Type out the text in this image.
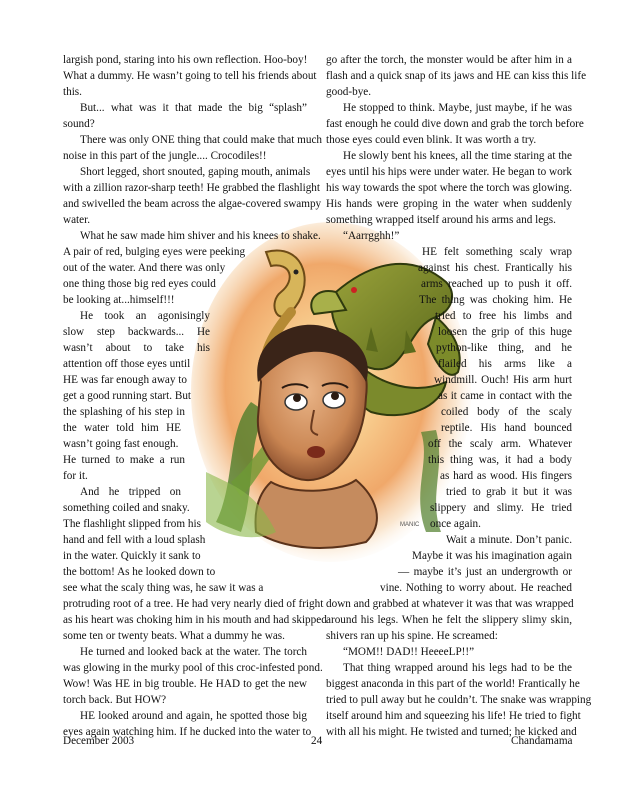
MANIC
largish pond, staring into his own reflection. Hoo-boy!
What a dummy. He wasn’t going to tell his friends about
this.
But... what was it that made the big “splash”
sound?
There was only ONE thing that could make that much
noise in this part of the jungle.... Crocodiles!!
Short legged, short snouted, gaping mouth, animals
with a zillion razor-sharp teeth! He grabbed the flashlight
and swivelled the beam across the algae-covered swampy
water.
What he saw made him shiver and his knees to shake.
A pair of red, bulging eyes were peeking
out of the water. And there was only
one thing those big red eyes could
be looking at...himself!!!
He took an agonisingly
slow step backwards... He
wasn’t about to take his
attention off those eyes until
HE was far enough away to
get a good running start. But
the splashing of his step in
the water told him HE
wasn’t going fast enough.
He turned to make a run
for it.
And he tripped on
something coiled and snaky.
The flashlight slipped from his
hand and fell with a loud splash
in the water. Quickly it sank to
the bottom! As he looked down to
see what the scaly thing was, he saw it was a
protruding root of a tree. He had very nearly died of fright
as his heart was choking him in his mouth and had skipped
some ten or twenty beats. What a dummy he was.
He turned and looked back at the water. The torch
was glowing in the murky pool of this croc-infested pond.
Wow! Was HE in big trouble. He HAD to get the new
torch back. But HOW?
HE looked around and again, he spotted those big
eyes again watching him. If he ducked into the water to
go after the torch, the monster would be after him in a
flash and a quick snap of its jaws and HE can kiss this life
good-bye.
He stopped to think. Maybe, just maybe, if he was
fast enough he could dive down and grab the torch before
those eyes could even blink. It was worth a try.
He slowly bent his knees, all the time staring at the
eyes until his hips were under water. He began to work
his way towards the spot where the torch was glowing.
His hands were groping in the water when suddenly
something wrapped itself around his arms and legs.
“Aarrgghh!”
HE felt something scaly wrap
against his chest. Frantically his
arms reached up to push it off.
The thing was choking him. He
tried to free his limbs and
loosen the grip of this huge
python-like thing, and he
flailed his arms like a
windmill. Ouch! His arm hurt
as it came in contact with the
coiled body of the scaly
reptile. His hand bounced
off the scaly arm. Whatever
this thing was, it had a body
as hard as wood. His fingers
tried to grab it but it was
slippery and slimy. He tried
once again.
Wait a minute. Don’t panic.
Maybe it was his imagination again
— maybe it’s just an undergrowth or
vine. Nothing to worry about. He reached
down and grabbed at whatever it was that was wrapped
around his legs. When he felt the slippery slimy skin,
shivers ran up his spine. He screamed:
“MOM!! DAD!! HeeeeLP!!”
That thing wrapped around his legs had to be the
biggest anaconda in this part of the world! Frantically he
tried to pull away but he couldn’t. The snake was wrapping
itself around him and squeezing his life! He tried to fight
with all his might. He twisted and turned; he kicked and
December 2003	24	Chandamama
